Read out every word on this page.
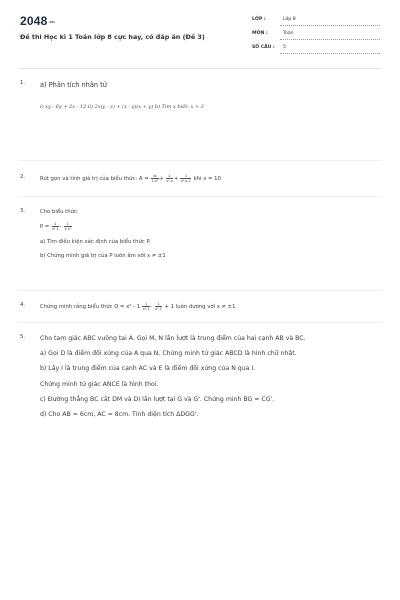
$2048^{.vn}$
Đề thi Học kì 1 Toán lớp 8 cực hay, có đáp án (Đề 3)
LỚP :	Lớp 8
MÔN :	Toán
SỐ CÂU : 5
1. a) Phân tích nhân tử
i) xy - 6y + 2x - 12 ii) 2x(y - z) + (z - y)(x + y) b) Tìm x biết: x + 3
2.	Rút gọn và tính giá trị của biểu thức: $A = \frac{3x}{\text{1-x²}} + \frac{2}{\text{x²-x}} + \frac{1}{\text{x²-x-1}}$ khi x = 10
3.	Cho biểu thức:
$P = \frac{2}{\text{x²-1}} - \frac{1}{\text{1-x²}}$
a) Tìm điều kiện xác định của biểu thức P.
b) Chứng minh giá trị của P luôn âm với x ≠ ±1
4.	Chứng minh rằng biểu thức $Q = x^2 - 1 \frac{1}{\text{x²-1}} - \frac{1}{\text{x²-1}} + 1$ luôn dương với x ≠ ±1
5. Cho tam giác ABC vuông tại A. Gọi M, N lần lượt là trung điểm của hai cạnh AB và BC.

a) Gọi D là điểm đối xứng của A qua N. Chứng minh tứ giác ABCD là hình chữ nhật.

b) Lấy I là trung điểm của cạnh AC và E là điểm đối xứng của N qua I.

Chứng minh tứ giác ANCE là hình thoi.

c) Đường thẳng BC cắt DM và DI lần lượt tại G và G'. Chứng minh BG = CG'.

d) Cho AB = 6cm, AC = 8cm. Tính diện tích ΔDGG'.
